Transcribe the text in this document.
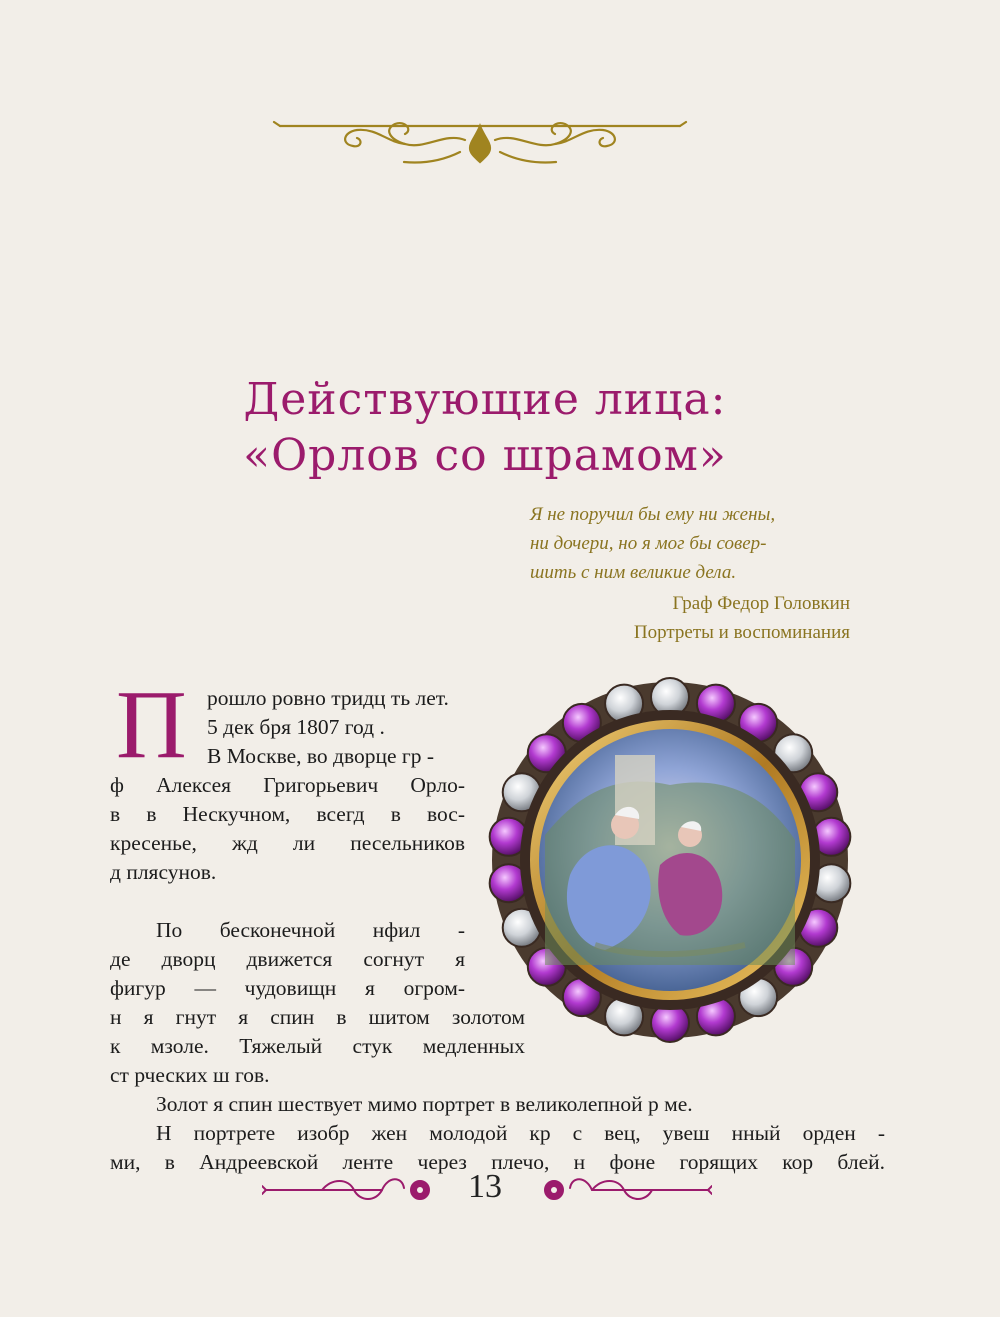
Действующие лица:
«Орлов со шрамом»
Я не поручил бы ему ни жены,
ни дочери, но я мог бы совер-
шить с ним великие дела.
Граф Федор Головкин
Портреты и воспоминания
П рошло ровно тридц ть лет.
5 дек бря 1807 год .
В Москве, во дворце гр -
ф Алексея Григорьевич Орло-
в в Нескучном, всегд в вос-
кресенье, жд ли песельников
д плясунов.
По бесконечной нфил -
де дворц движется согнут я
фигур — чудовищн я огром-
н я гнут я спин в шитом золотом
к мзоле. Тяжелый стук медленных
ст рческих ш гов.
Золот я спин шествует мимо портрет в великолепной р ме.
Н портрете изобр жен молодой кр с вец, увеш нный орден -
ми, в Андреевской ленте через плечо, н фоне горящих кор блей.
13
